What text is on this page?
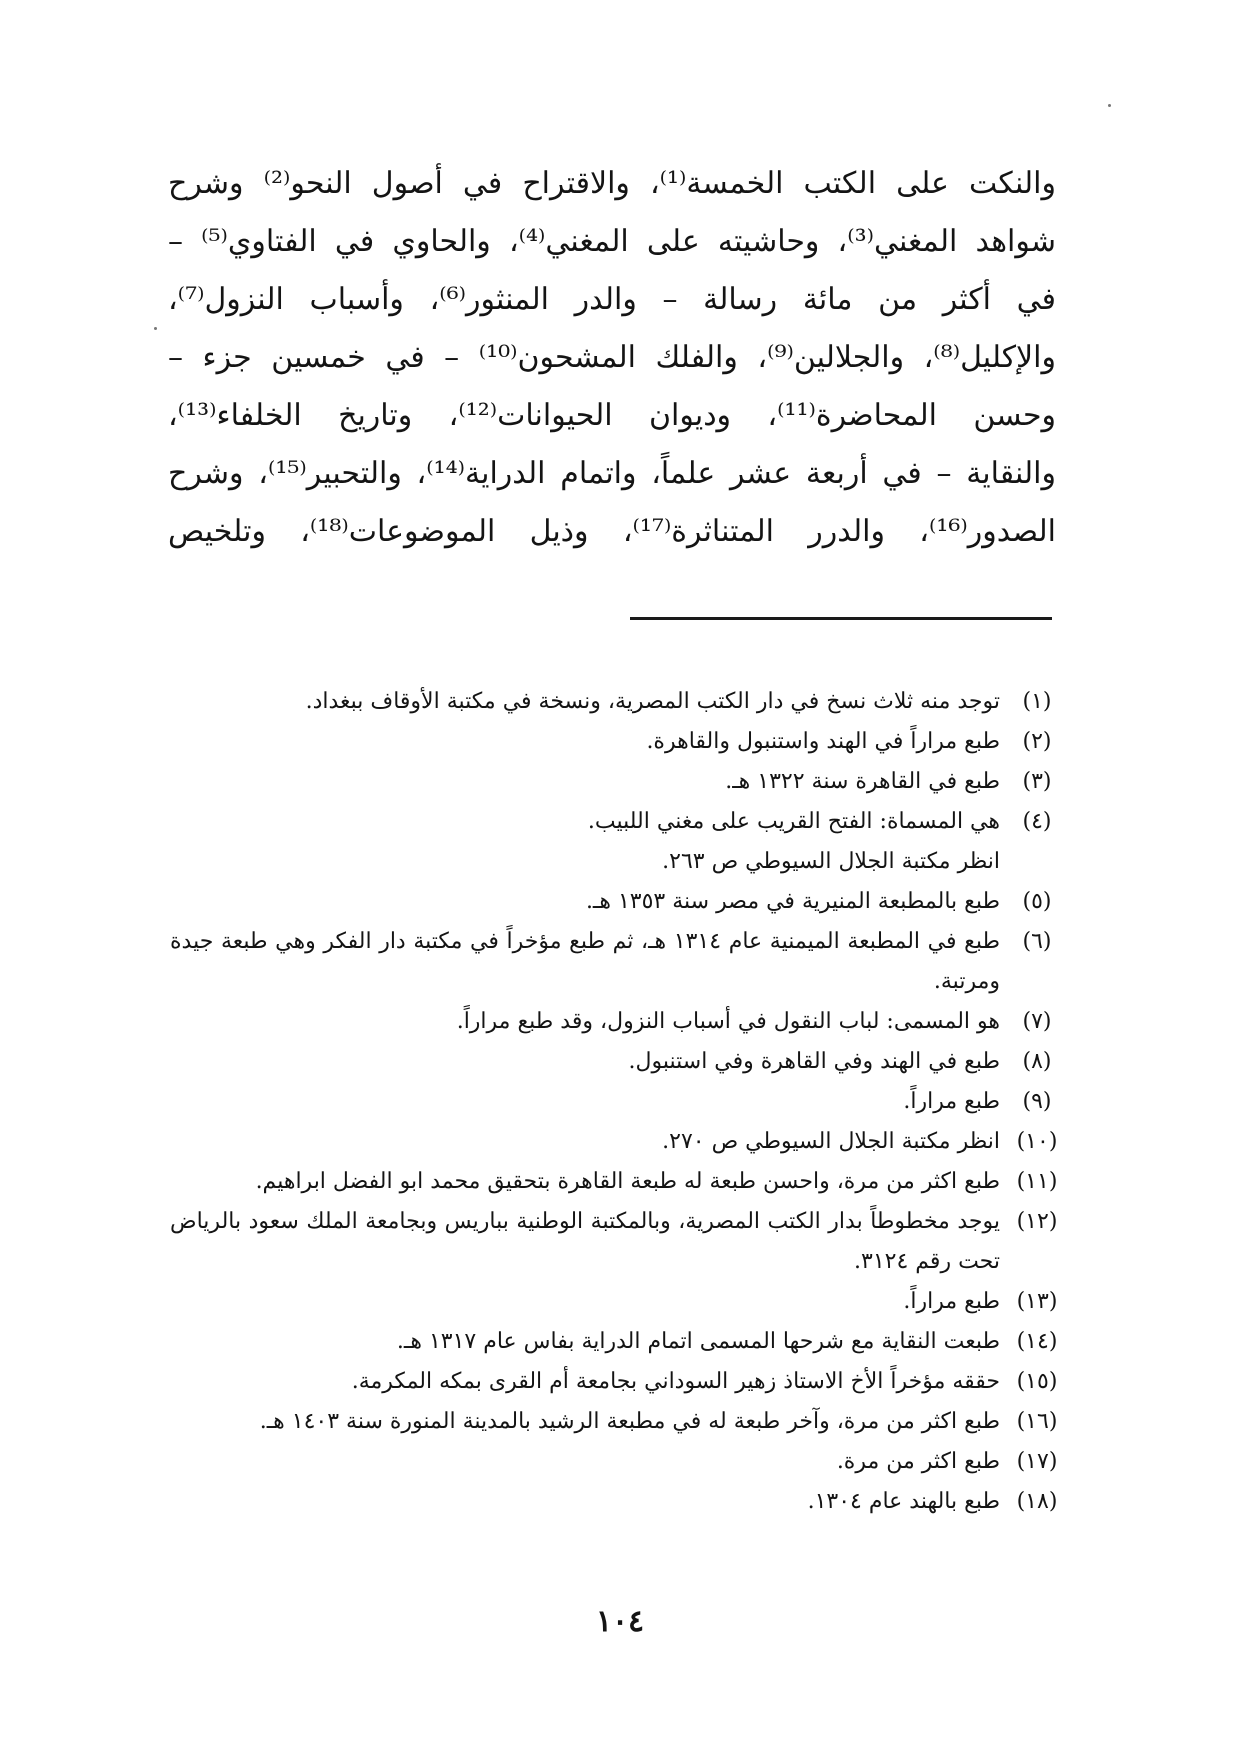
والنكت على الكتب الخمسة⁽¹⁾، والاقتراح في أصول النحو⁽²⁾ وشرح
شواهد المغني⁽³⁾، وحاشيته على المغني⁽⁴⁾، والحاوي في الفتاوي⁽⁵⁾ –
في أكثر من مائة رسالة – والدر المنثور⁽⁶⁾، وأسباب النزول⁽⁷⁾،
والإكليل⁽⁸⁾، والجلالين⁽⁹⁾، والفلك المشحون⁽¹⁰⁾ – في خمسين جزء –
وحسن المحاضرة⁽¹¹⁾، وديوان الحيوانات⁽¹²⁾، وتاريخ الخلفاء⁽¹³⁾،
والنقاية – في أربعة عشر علماً، واتمام الدراية⁽¹⁴⁾، والتحبير⁽¹⁵⁾، وشرح
الصدور⁽¹⁶⁾، والدرر المتناثرة⁽¹⁷⁾، وذيل الموضوعات⁽¹⁸⁾، وتلخيص
(١)
توجد منه ثلاث نسخ في دار الكتب المصرية، ونسخة في مكتبة الأوقاف ببغداد.
(٢)
طبع مراراً في الهند واستنبول والقاهرة.
(٣)
طبع في القاهرة سنة ١٣٢٢ هـ.
(٤)
هي المسماة: الفتح القريب على مغني اللبيب.
انظر مكتبة الجلال السيوطي ص ٢٦٣.
(٥)
طبع بالمطبعة المنيرية في مصر سنة ١٣٥٣ هـ.
(٦)
طبع في المطبعة الميمنية عام ١٣١٤ هـ، ثم طبع مؤخراً في مكتبة دار الفكر وهي طبعة جيدة ومرتبة.
(٧)
هو المسمى: لباب النقول في أسباب النزول، وقد طبع مراراً.
(٨)
طبع في الهند وفي القاهرة وفي استنبول.
(٩)
طبع مراراً.
(١٠)
انظر مكتبة الجلال السيوطي ص ٢٧٠.
(١١)
طبع اكثر من مرة، واحسن طبعة له طبعة القاهرة بتحقيق محمد ابو الفضل ابراهيم.
(١٢)
يوجد مخطوطاً بدار الكتب المصرية، وبالمكتبة الوطنية بباريس وبجامعة الملك سعود بالرياض تحت رقم ٣١٢٤.
(١٣)
طبع مراراً.
(١٤)
طبعت النقاية مع شرحها المسمى اتمام الدراية بفاس عام ١٣١٧ هـ.
(١٥)
حققه مؤخراً الأخ الاستاذ زهير السوداني بجامعة أم القرى بمكه المكرمة.
(١٦)
طبع اكثر من مرة، وآخر طبعة له في مطبعة الرشيد بالمدينة المنورة سنة ١٤٠٣ هـ.
(١٧)
طبع اكثر من مرة.
(١٨)
طبع بالهند عام ١٣٠٤.
١٠٤
